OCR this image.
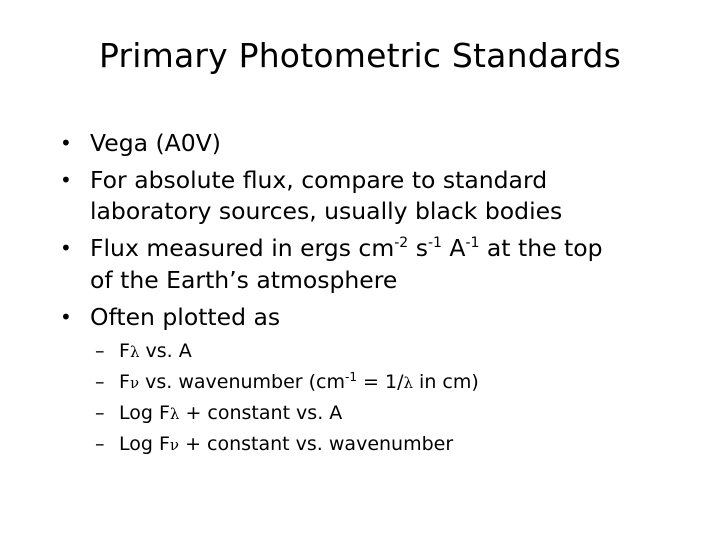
Primary Photometric Standards
• Vega (A0V)
• For absolute flux, compare to standard
laboratory sources, usually black bodies
• Flux measured in ergs $cm^{-2}$ $s^{-1}$ $A^{-1}$ at the top
of the Earth’s atmosphere
• Often plotted as
– Fλ vs. A
– Fν vs. wavenumber ($cm^{-1} = 1/\lambda$ in cm)
– Log Fλ + constant vs. A
– Log Fν + constant vs. wavenumber
